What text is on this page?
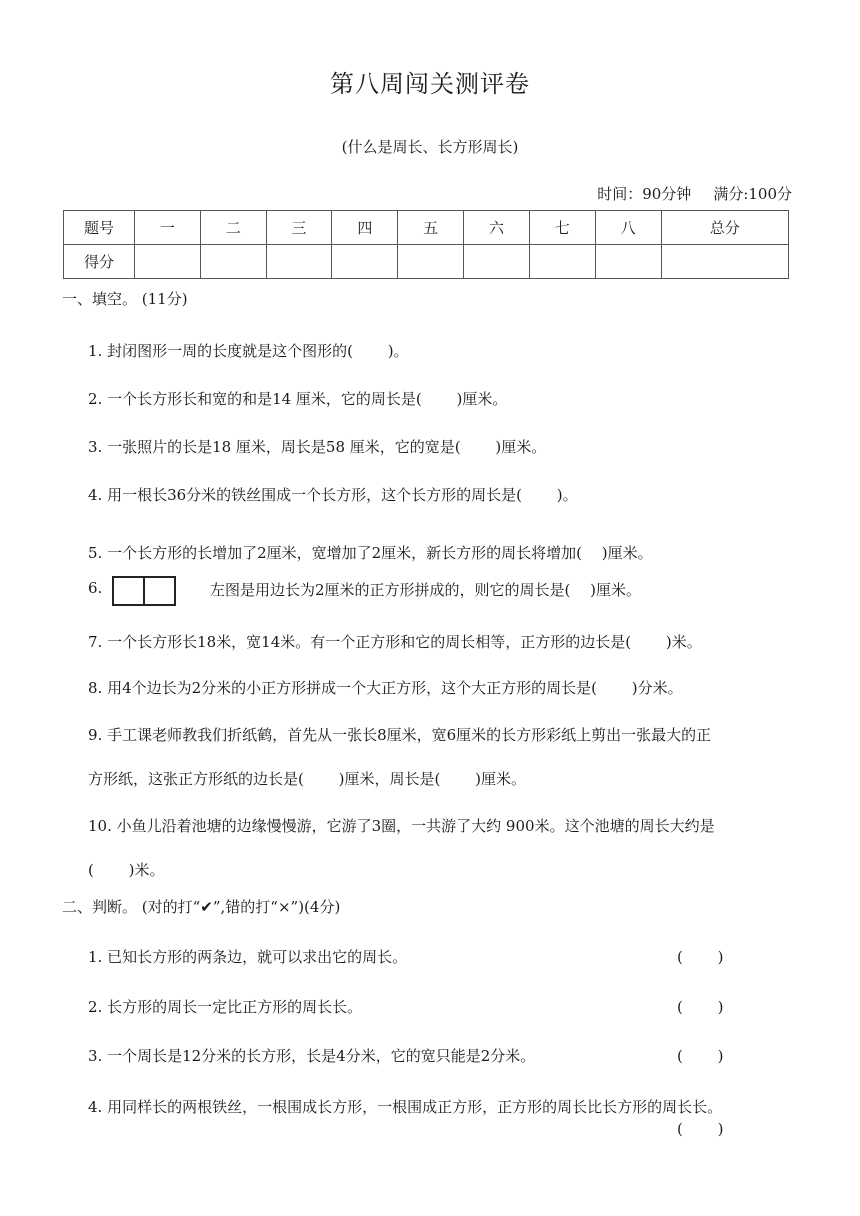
第八周闯关测评卷
(什么是周长、长方形周长)
时间：90分钟 满分:100分
题号	一	二	三	四	五	六	七	八	总分
得分									
一、填空。 (11分)
1. 封闭图形一周的长度就是这个图形的(　　 )。
2. 一个长方形长和宽的和是14 厘米，它的周长是(　　 )厘米。
3. 一张照片的长是18 厘米，周长是58 厘米，它的宽是(　　 )厘米。
4. 用一根长36分米的铁丝围成一个长方形，这个长方形的周长是(　　 )。
5. 一个长方形的长增加了2厘米，宽增加了2厘米，新长方形的周长将增加(　 )厘米。
6.	左图是用边长为2厘米的正方形拼成的，则它的周长是(　 )厘米。
7. 一个长方形长18米，宽14米。有一个正方形和它的周长相等，正方形的边长是(　　 )米。
8. 用4个边长为2分米的小正方形拼成一个大正方形，这个大正方形的周长是(　　 )分米。
9. 手工课老师教我们折纸鹤，首先从一张长8厘米，宽6厘米的长方形彩纸上剪出一张最大的正
方形纸，这张正方形纸的边长是(　　 )厘米，周长是(　　 )厘米。
10. 小鱼儿沿着池塘的边缘慢慢游，它游了3圈，一共游了大约 900米。这个池塘的周长大约是
(　　 )米。
二、判断。 (对的打“✔”,错的打“×”)(4分)
1. 已知长方形的两条边，就可以求出它的周长。	(　　 )
2. 长方形的周长一定比正方形的周长长。	(　　 )
3. 一个周长是12分米的长方形，长是4分米，它的宽只能是2分米。	(　　 )
4. 用同样长的两根铁丝，一根围成长方形，一根围成正方形，正方形的周长比长方形的周长长。
(　　 )
